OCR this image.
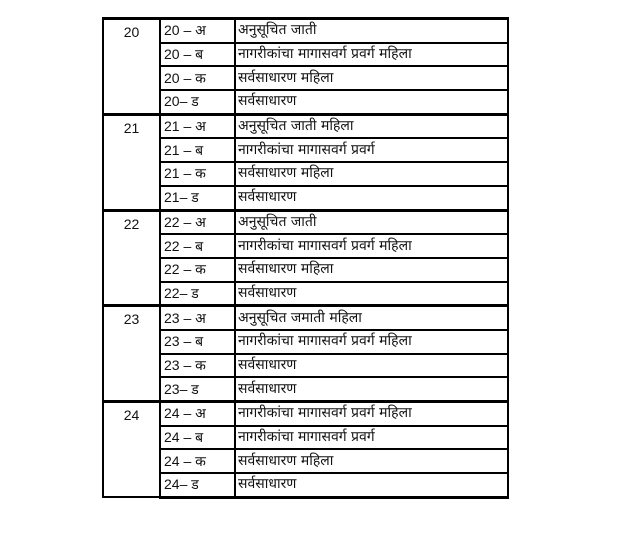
20	20 – अ	अनुसूचित जाती
	20 – ब	नागरीकांचा मागासवर्ग प्रवर्ग महिला
	20 – क	सर्वसाधारण महिला
	20– ड	सर्वसाधारण
21	21 – अ	अनुसूचित जाती महिला
	21 – ब	नागरीकांचा मागासवर्ग प्रवर्ग
	21 – क	सर्वसाधारण महिला
	21– ड	सर्वसाधारण
22	22 – अ	अनुसूचित जाती
	22 – ब	नागरीकांचा मागासवर्ग प्रवर्ग महिला
	22 – क	सर्वसाधारण महिला
	22– ड	सर्वसाधारण
23	23 – अ	अनुसूचित जमाती महिला
	23 – ब	नागरीकांचा मागासवर्ग प्रवर्ग महिला
	23 – क	सर्वसाधारण
	23– ड	सर्वसाधारण
24	24 – अ	नागरीकांचा मागासवर्ग प्रवर्ग महिला
	24 – ब	नागरीकांचा मागासवर्ग प्रवर्ग
	24 – क	सर्वसाधारण महिला
	24– ड	सर्वसाधारण
